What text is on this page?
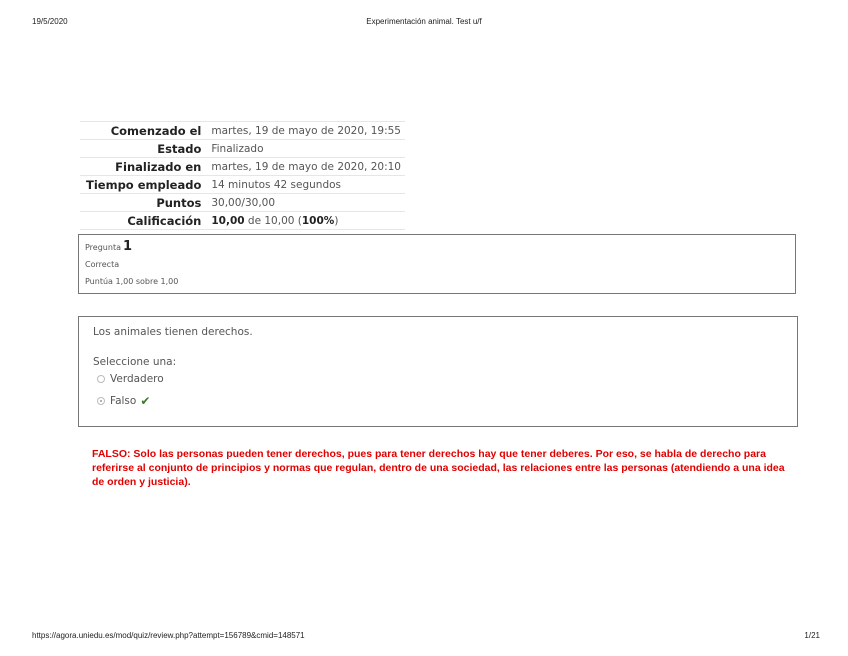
19/5/2020	Experimentación animal. Test u/f
Comenzado el	martes, 19 de mayo de 2020, 19:55
Estado	Finalizado
Finalizado en	martes, 19 de mayo de 2020, 20:10
Tiempo empleado	14 minutos 42 segundos
Puntos	30,00/30,00
Calificación	10,00 de 10,00 (100%)
Pregunta 1
Correcta
Puntúa 1,00 sobre 1,00

Los animales tienen derechos.

Seleccione una:
Verdadero
Falso ✔
FALSO: Solo las personas pueden tener derechos, pues para tener derechos hay que tener deberes. Por eso, se habla de derecho para referirse al conjunto de principios y normas que regulan, dentro de una sociedad, las relaciones entre las personas (atendiendo a una idea de orden y justicia).
https://agora.uniedu.es/mod/quiz/review.php?attempt=156789&cmid=148571	1/21
